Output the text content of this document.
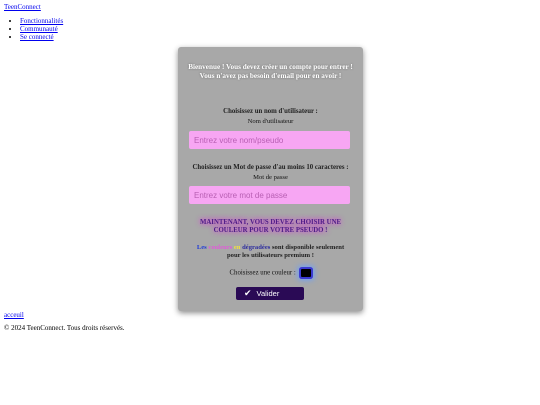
TeenConnect
• Fonctionnalités
• Communauté
• Se connecté
Bienvenue ! Vous devez créer un compte pour entrer !
Vous n'avez pas besoin d'email pour en avoir !
Choisissez un nom d'utilisateur :
Nom d'utilisateur
Entrez votre nom/pseudo
Choisissez un Mot de passe d'au moins 10 caracteres :
Mot de passe
Entrez votre mot de passe
MAINTENANT, VOUS DEVEZ CHOISIR UNE COULEUR POUR VOTRE PSEUDO !
Les couleurs en dégradées sont disponible seulement pour les utilisateurs premium !
Choisissez une couleur :
✔ Valider
acceuil
© 2024 TeenConnect. Tous droits réservés.
